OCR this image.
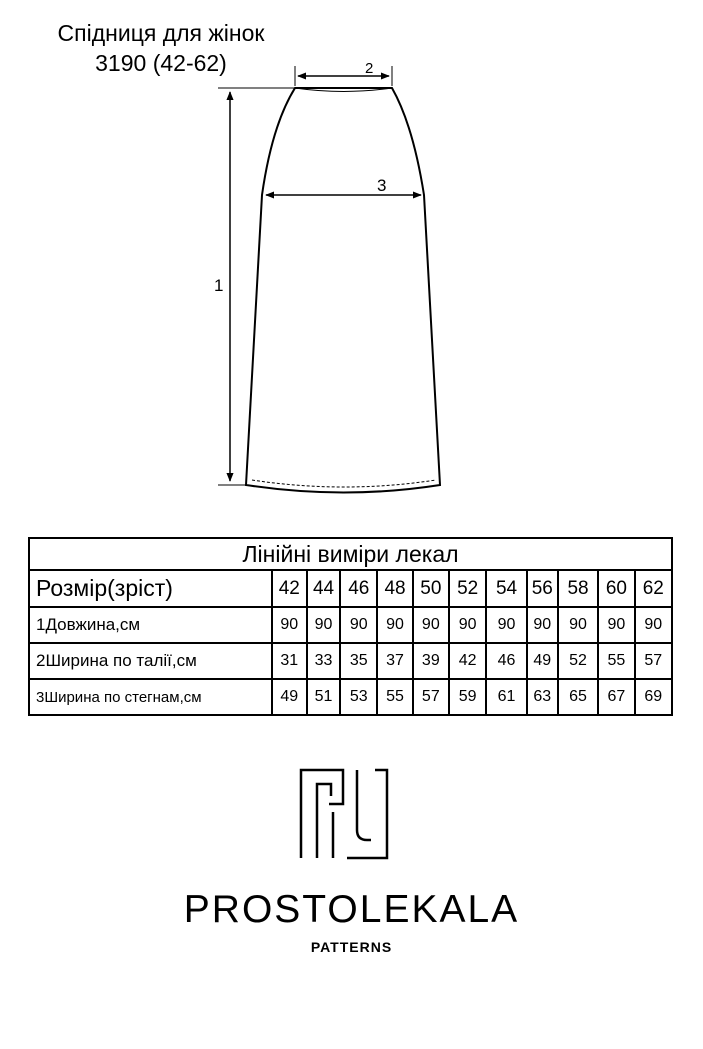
Спідниця для жінок
3190 (42-62)
1
2
3
Лінійні виміри лекал											
Розмір(зріст)	42	44	46	48	50	52	54	56	58	60	62
1Довжина,см	90	90	90	90	90	90	90	90	90	90	90
2Ширина по талії,см	31	33	35	37	39	42	46	49	52	55	57
3Ширина по стегнам,см	49	51	53	55	57	59	61	63	65	67	69
PROSTOLEKALA
PATTERNS
